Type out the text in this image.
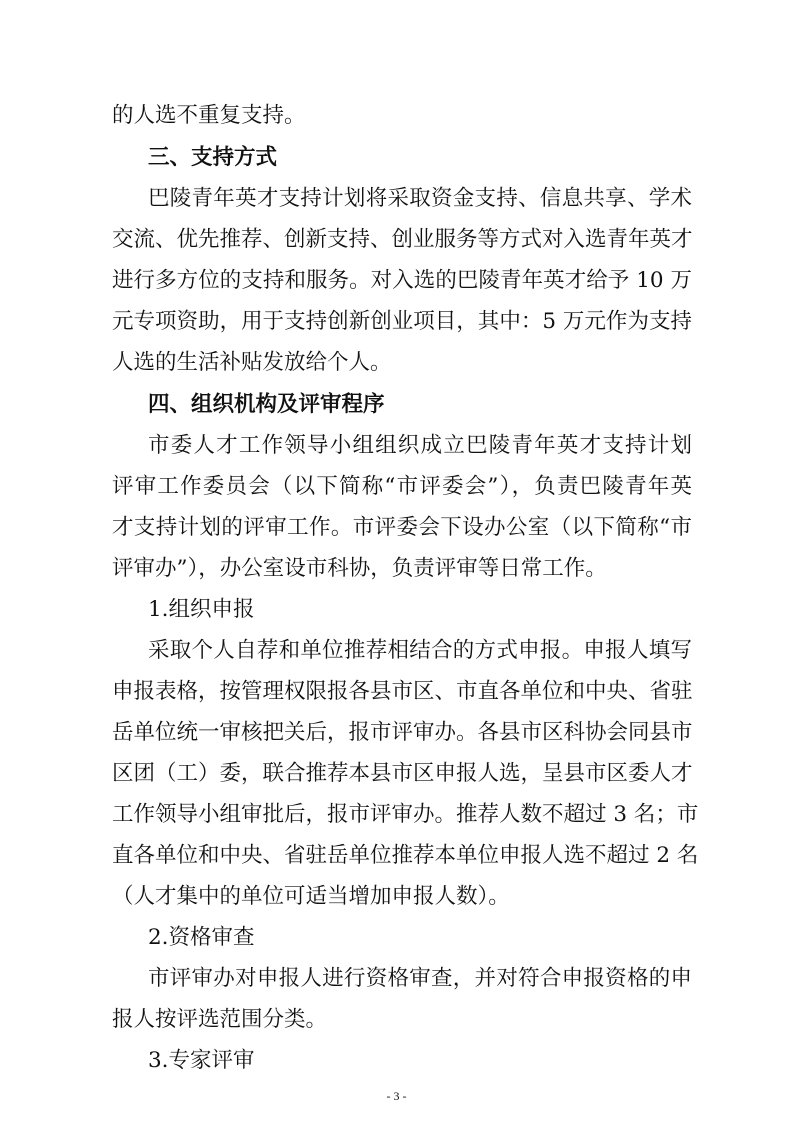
的人选不重复支持。
三、支持方式
巴陵青年英才支持计划将采取资金支持、信息共享、学术
交流、优先推荐、创新支持、创业服务等方式对入选青年英才
进行多方位的支持和服务。对入选的巴陵青年英才给予 10 万
元专项资助，用于支持创新创业项目，其中：5 万元作为支持
人选的生活补贴发放给个人。
四、组织机构及评审程序
市委人才工作领导小组组织成立巴陵青年英才支持计划
评审工作委员会（以下简称“市评委会”），负责巴陵青年英
才支持计划的评审工作。市评委会下设办公室（以下简称“市
评审办”），办公室设市科协，负责评审等日常工作。
1.组织申报
采取个人自荐和单位推荐相结合的方式申报。申报人填写
申报表格，按管理权限报各县市区、市直各单位和中央、省驻
岳单位统一审核把关后，报市评审办。各县市区科协会同县市
区团（工）委，联合推荐本县市区申报人选，呈县市区委人才
工作领导小组审批后，报市评审办。推荐人数不超过 3 名；市
直各单位和中央、省驻岳单位推荐本单位申报人选不超过 2 名
（人才集中的单位可适当增加申报人数）。
2.资格审查
市评审办对申报人进行资格审查，并对符合申报资格的申
报人按评选范围分类。
3.专家评审
- 3 -
